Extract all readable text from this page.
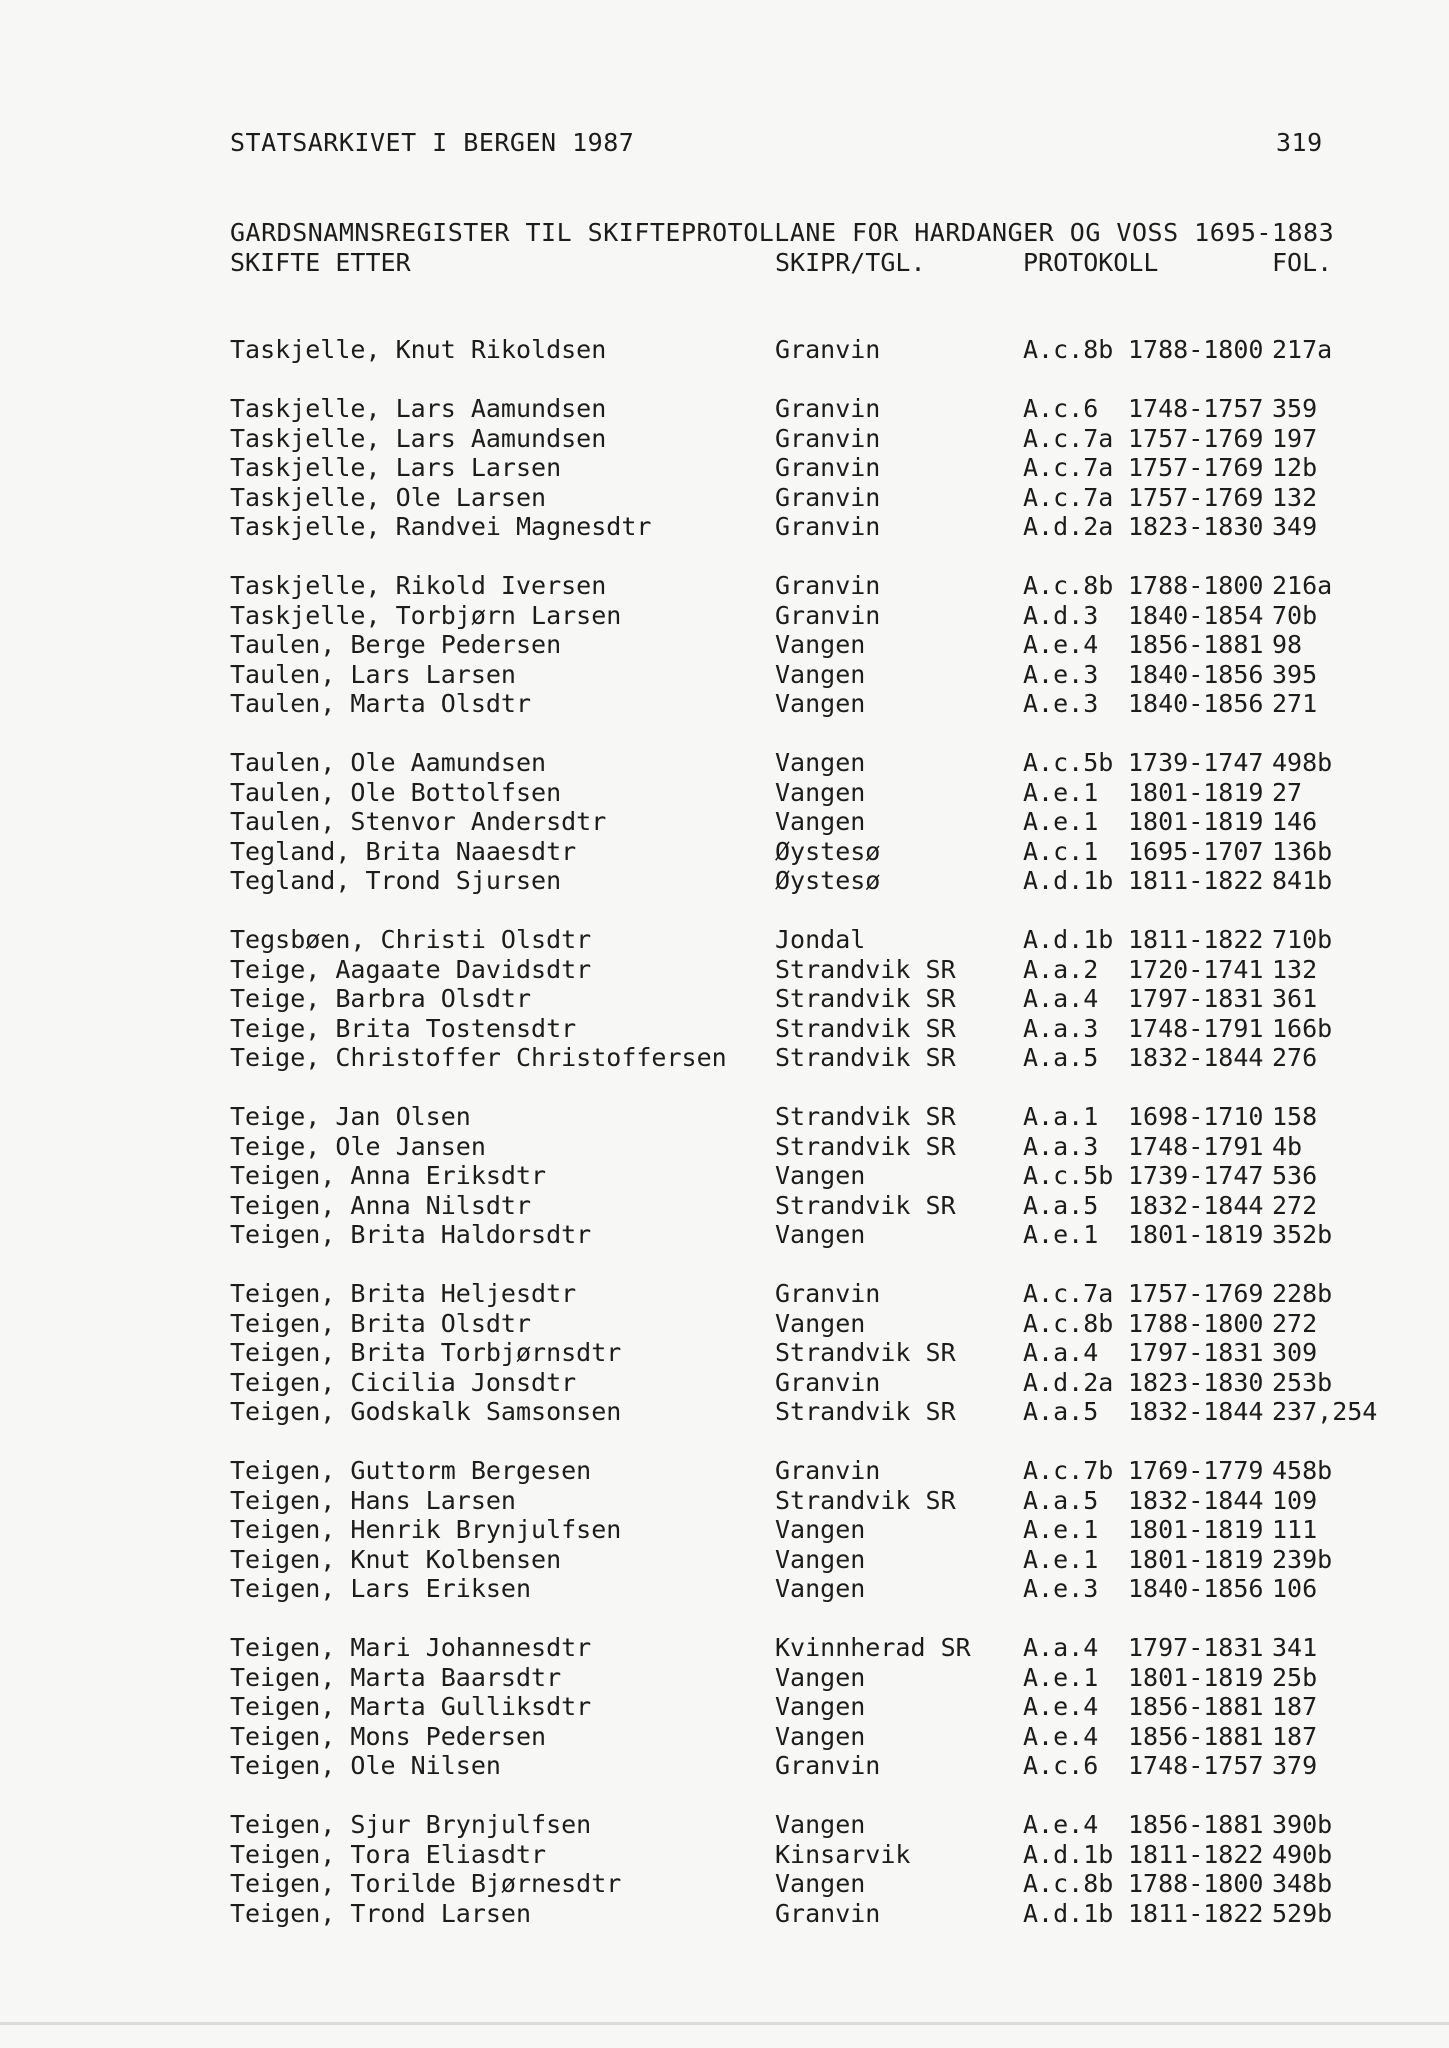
STATSARKIVET I BERGEN 1987	319
GARDSNAMNSREGISTER TIL SKIFTEPROTOLLANE FOR HARDANGER OG VOSS 1695-1883
SKIFTE ETTER	SKIPR/TGL.	PROTOKOLL	FOL.
Taskjelle, Knut Rikoldsen	Granvin	A.c.8b 1788-1800 217a
Taskjelle, Lars Aamundsen	Granvin	A.c.6 1748-1757 359
Taskjelle, Lars Aamundsen	Granvin	A.c.7a 1757-1769 197
Taskjelle, Lars Larsen	Granvin	A.c.7a 1757-1769 12b
Taskjelle, Ole Larsen	Granvin	A.c.7a 1757-1769 132
Taskjelle, Randvei Magnesdtr	Granvin	A.d.2a 1823-1830 349
Taskjelle, Rikold Iversen	Granvin	A.c.8b 1788-1800 216a
Taskjelle, Torbjørn Larsen	Granvin	A.d.3 1840-1854 70b
Taulen, Berge Pedersen	Vangen	A.e.4 1856-1881 98
Taulen, Lars Larsen	Vangen	A.e.3 1840-1856 395
Taulen, Marta Olsdtr	Vangen	A.e.3 1840-1856 271
Taulen, Ole Aamundsen	Vangen	A.c.5b 1739-1747 498b
Taulen, Ole Bottolfsen	Vangen	A.e.1 1801-1819 27
Taulen, Stenvor Andersdtr	Vangen	A.e.1 1801-1819 146
Tegland, Brita Naaesdtr	Øystesø	A.c.1 1695-1707 136b
Tegland, Trond Sjursen	Øystesø	A.d.1b 1811-1822 841b
Tegsbøen, Christi Olsdtr	Jondal	A.d.1b 1811-1822 710b
Teige, Aagaate Davidsdtr	Strandvik SR	A.a.2 1720-1741 132
Teige, Barbra Olsdtr	Strandvik SR	A.a.4 1797-1831 361
Teige, Brita Tostensdtr	Strandvik SR	A.a.3 1748-1791 166b
Teige, Christoffer Christoffersen Strandvik SR	A.a.5 1832-1844 276
Teige, Jan Olsen	Strandvik SR	A.a.1 1698-1710 158
Teige, Ole Jansen	Strandvik SR	A.a.3 1748-1791 4b
Teigen, Anna Eriksdtr	Vangen	A.c.5b 1739-1747 536
Teigen, Anna Nilsdtr	Strandvik SR	A.a.5 1832-1844 272
Teigen, Brita Haldorsdtr	Vangen	A.e.1 1801-1819 352b
Teigen, Brita Heljesdtr	Granvin	A.c.7a 1757-1769 228b
Teigen, Brita Olsdtr	Vangen	A.c.8b 1788-1800 272
Teigen, Brita Torbjørnsdtr	Strandvik SR	A.a.4 1797-1831 309
Teigen, Cicilia Jonsdtr	Granvin	A.d.2a 1823-1830 253b
Teigen, Godskalk Samsonsen	Strandvik SR	A.a.5 1832-1844 237,254
Teigen, Guttorm Bergesen	Granvin	A.c.7b 1769-1779 458b
Teigen, Hans Larsen	Strandvik SR	A.a.5 1832-1844 109
Teigen, Henrik Brynjulfsen	Vangen	A.e.1 1801-1819 111
Teigen, Knut Kolbensen	Vangen	A.e.1 1801-1819 239b
Teigen, Lars Eriksen	Vangen	A.e.3 1840-1856 106
Teigen, Mari Johannesdtr	Kvinnherad SR A.a.4 1797-1831 341
Teigen, Marta Baarsdtr	Vangen	A.e.1 1801-1819 25b
Teigen, Marta Gulliksdtr	Vangen	A.e.4 1856-1881 187
Teigen, Mons Pedersen	Vangen	A.e.4 1856-1881 187
Teigen, Ole Nilsen	Granvin	A.c.6 1748-1757 379
Teigen, Sjur Brynjulfsen	Vangen	A.e.4 1856-1881 390b
Teigen, Tora Eliasdtr	Kinsarvik	A.d.1b 1811-1822 490b
Teigen, Torilde Bjørnesdtr	Vangen	A.c.8b 1788-1800 348b
Teigen, Trond Larsen	Granvin	A.d.1b 1811-1822 529b
